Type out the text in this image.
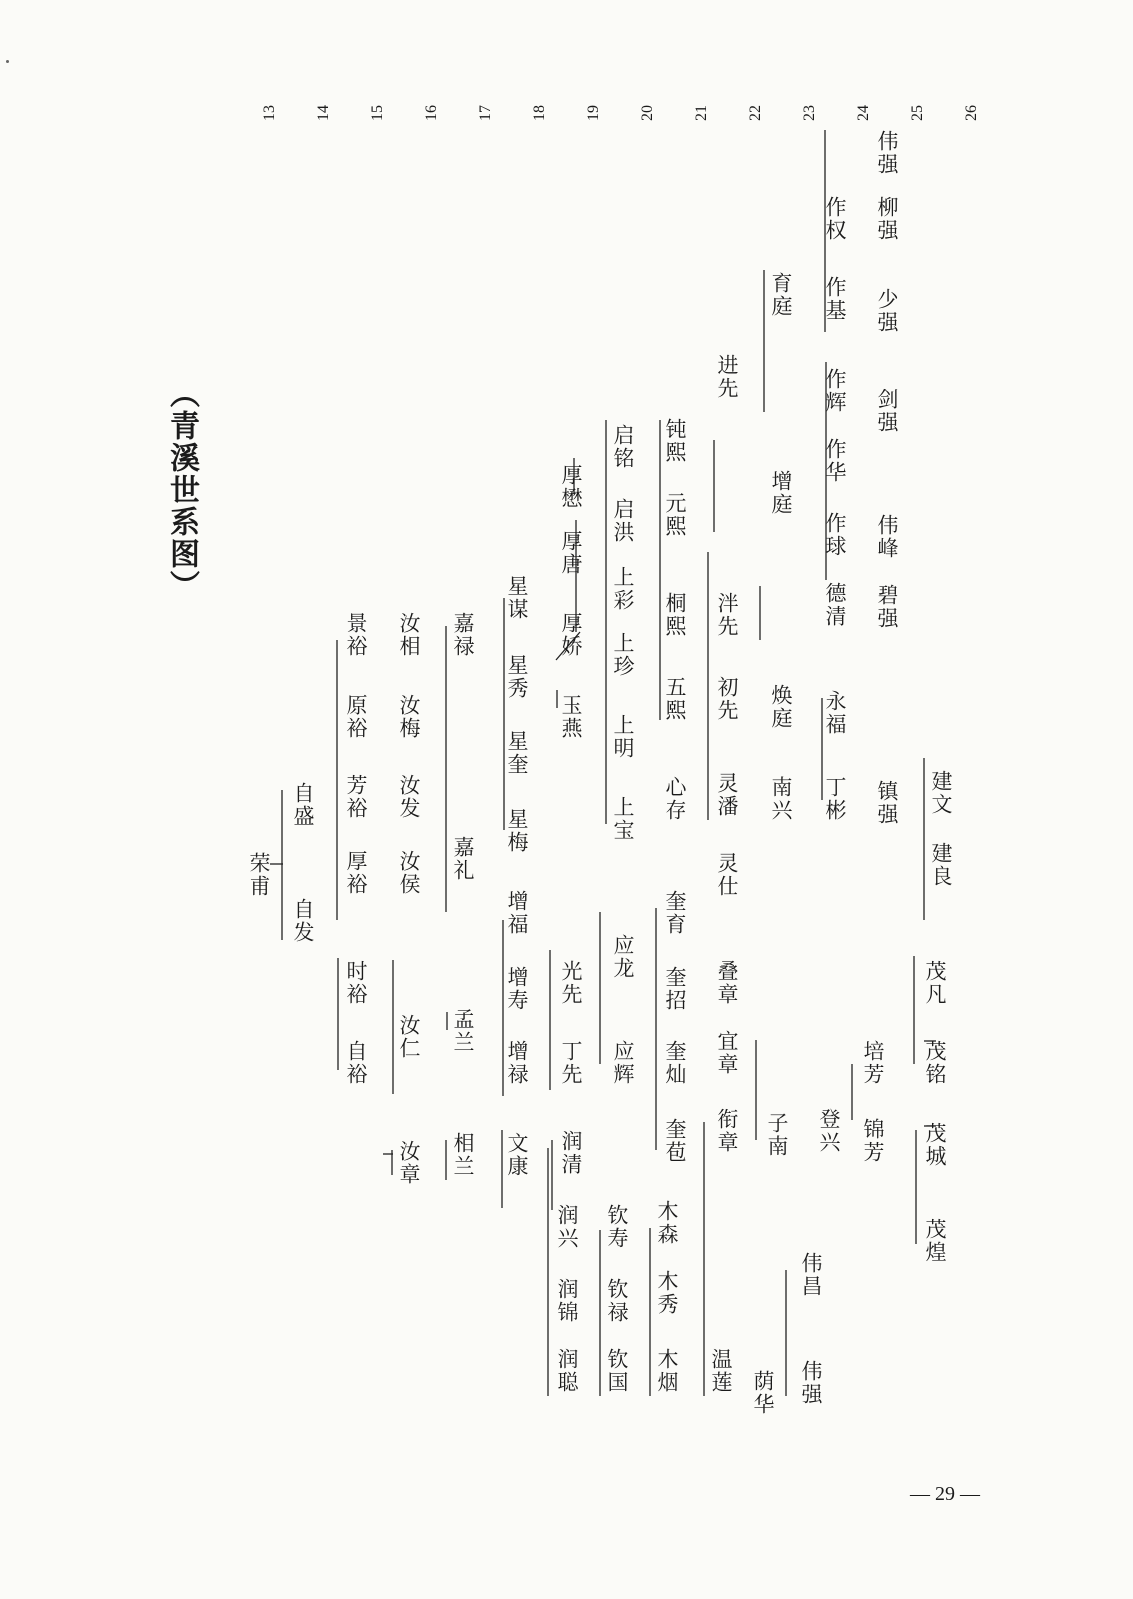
（青溪世系图）
13 14 15 16 17 18 19 20 21 22 23 24 25 26
荣甫
自发
自盛
自裕
时裕
厚裕
芳裕
原裕
景裕
汝章
汝仁
汝侯
汝发
汝梅
汝相
相兰
孟兰
嘉礼
嘉禄
文康
增禄
增寿
增福
星梅
星奎
星秀
星谋
润清
丁先
光先
玉燕
厚娇
厚唐
厚懋
润聪
润锦
润兴
应辉
应龙
上宝
上明
上珍
上彩
启洪
启铭
钦国
钦禄
钦寿
奎苞
奎灿
奎招
奎育
心存
五熙
桐熙
元熙
钝熙
木烟
木秀
木森
衔章
宜章
叠章
灵仕
灵潘
初先
泮先
进先
温莲
子南
南兴
焕庭
增庭
育庭
荫华
登兴
丁彬
永福
德清
作球
作华
作辉
作基
作权
伟强
伟昌
锦芳
培芳
镇强
碧强
伟峰
剑强
少强
柳强
伟强
茂煌
茂城
茂铭
茂凡
建良
建文
— 29 —
